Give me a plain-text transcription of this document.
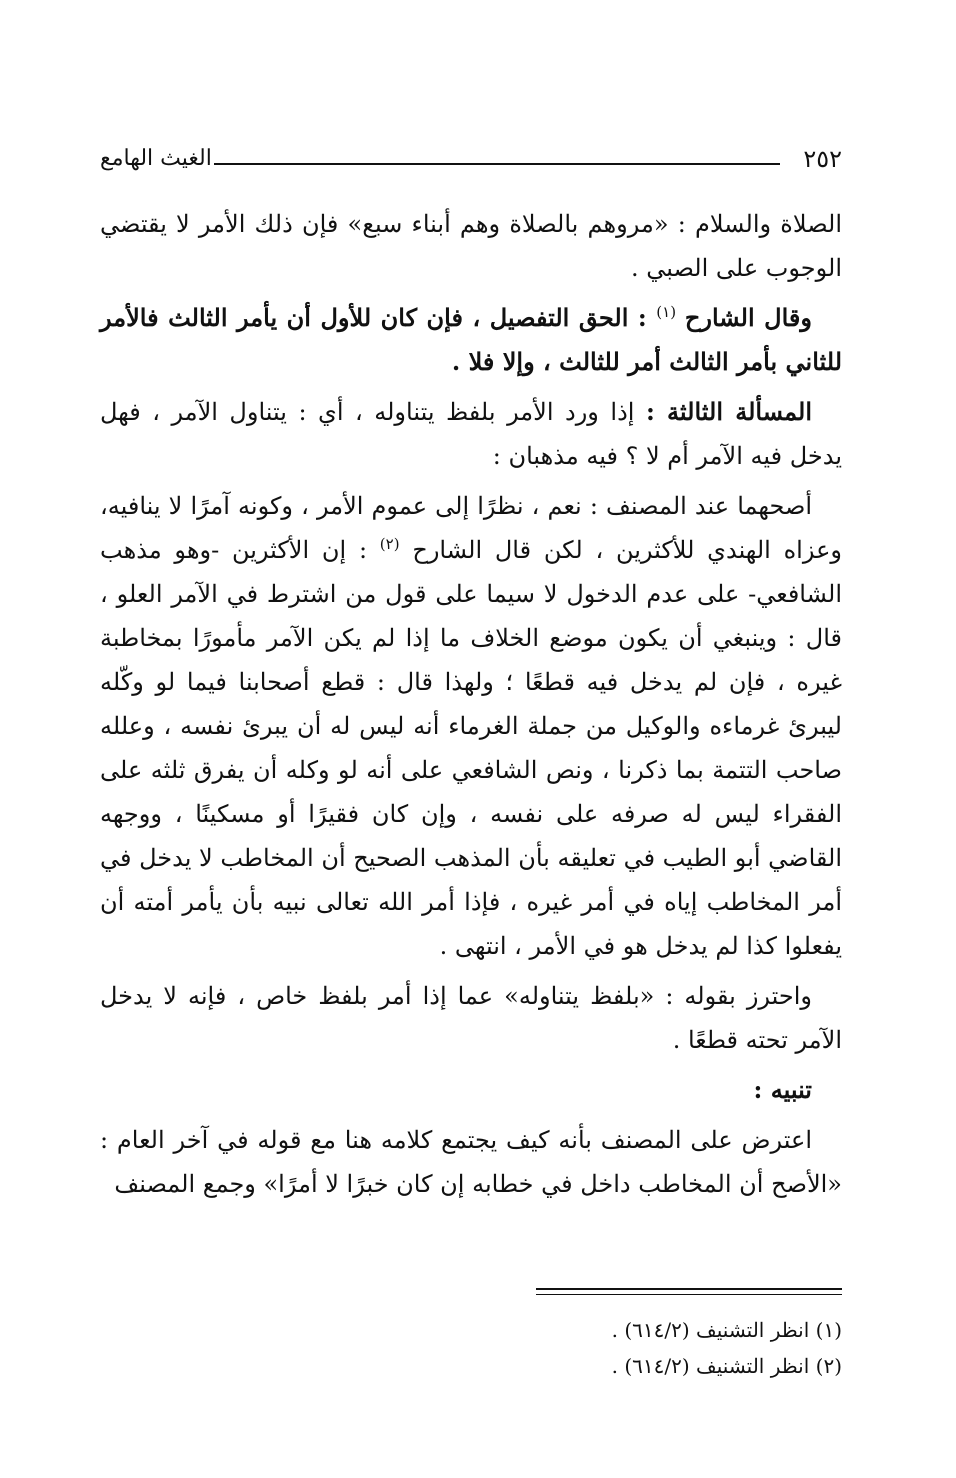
٢٥٢
الغيث الهامع

الصلاة والسلام : «مروهم بالصلاة وهم أبناء سبع» فإن ذلك الأمر لا يقتضي الوجوب على الصبي .

وقال الشارح $^{(١)}$ : الحق التفصيل ، فإن كان للأول أن يأمر الثالث فالأمر للثاني بأمر الثالث أمر للثالث ، وإلا فلا .

المسألة الثالثة : إذا ورد الأمر بلفظ يتناوله ، أي : يتناول الآمر ، فهل يدخل فيه الآمر أم لا ؟ فيه مذهبان :

أصحهما عند المصنف : نعم ، نظرًا إلى عموم الأمر ، وكونه آمرًا لا ينافيه، وعزاه الهندي للأكثرين ، لكن قال الشارح $^{(٢)}$ : إن الأكثرين -وهو مذهب الشافعي- على عدم الدخول لا سيما على قول من اشترط في الآمر العلو ، قال : وينبغي أن يكون موضع الخلاف ما إذا لم يكن الآمر مأمورًا بمخاطبة غيره ، فإن لم يدخل فيه قطعًا ؛ ولهذا قال : قطع أصحابنا فيما لو وكّله ليبرئ غرماءه والوكيل من جملة الغرماء أنه ليس له أن يبرئ نفسه ، وعلله صاحب التتمة بما ذكرنا ، ونص الشافعي على أنه لو وكله أن يفرق ثلثه على الفقراء ليس له صرفه على نفسه ، وإن كان فقيرًا أو مسكينًا ، ووجهه القاضي أبو الطيب في تعليقه بأن المذهب الصحيح أن المخاطب لا يدخل في أمر المخاطب إياه في أمر غيره ، فإذا أمر الله تعالى نبيه بأن يأمر أمته أن يفعلوا كذا لم يدخل هو في الأمر ، انتهى .

واحترز بقوله : «بلفظ يتناوله» عما إذا أمر بلفظ خاص ، فإنه لا يدخل الآمر تحته قطعًا .

تنبيه :

اعترض على المصنف بأنه كيف يجتمع كلامه هنا مع قوله في آخر العام : «الأصح أن المخاطب داخل في خطابه إن كان خبرًا لا أمرًا» وجمع المصنف

(١) انظر التشنيف (٦١٤/٢) .
(٢) انظر التشنيف (٦١٤/٢) .
